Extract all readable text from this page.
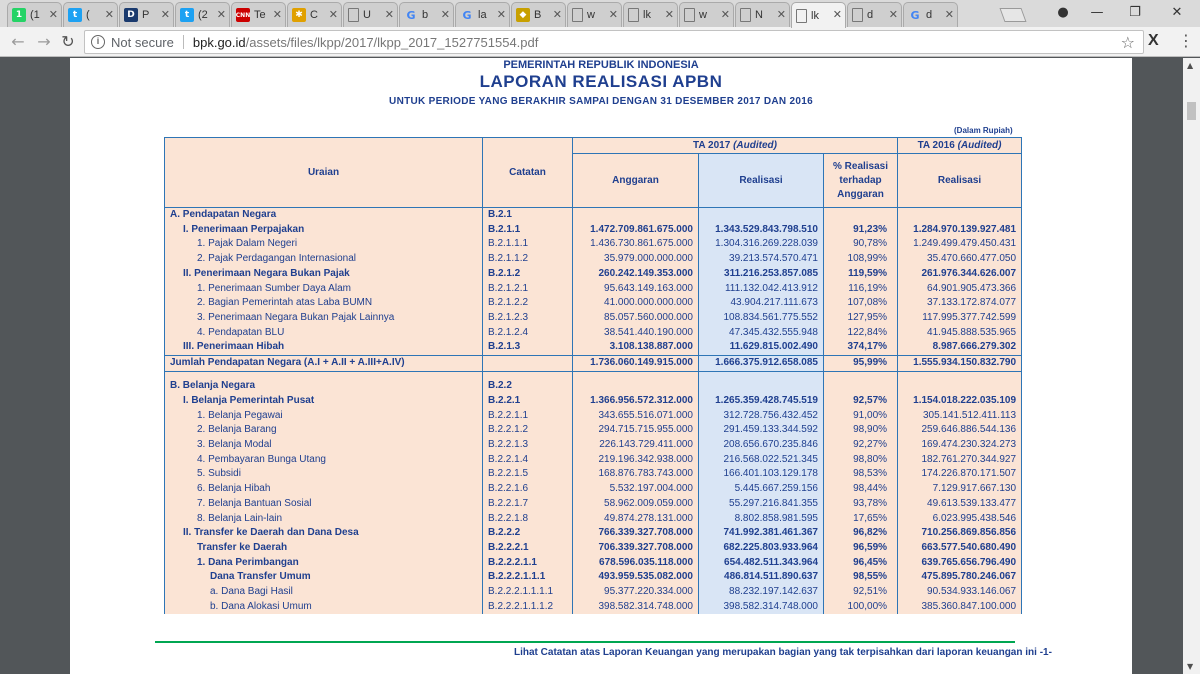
1 (1 ✕	t (	✕	D P	✕	t (2 ✕ CNN Te ✕	✱ C ✕ U	✕ G b	✕ G la ✕	◆ B	✕ w	✕ lk	✕ w	✕ N	✕ lk	✕ d	✕ G d	✕	●	—	❐	✕
← → ↻	i Not secure bpk.go.id /assets/files/lkpp/2017/lkpp_2017_1527751554.pdf	☆ X ⋮
PEMERINTAH REPUBLIK INDONESIA
LAPORAN REALISASI APBN
UNTUK PERIODE YANG BERAKHIR SAMPAI DENGAN 31 DESEMBER 2017 DAN 2016
(Dalam Rupiah)
Uraian	Catatan	TA 2017 (Audited)			TA 2016 (Audited)
		Anggaran	Realisasi	% Realisasi
terhadap
Anggaran	Realisasi
A. Pendapatan Negara	B.2.1				
I. Penerimaan Perpajakan	B.2.1.1	1.472.709.861.675.000	1.343.529.843.798.510	91,23%	1.284.970.139.927.481
1. Pajak Dalam Negeri	B.2.1.1.1	1.436.730.861.675.000	1.304.316.269.228.039	90,78%	1.249.499.479.450.431
2. Pajak Perdagangan Internasional	B.2.1.1.2	35.979.000.000.000	39.213.574.570.471	108,99%	35.470.660.477.050
II. Penerimaan Negara Bukan Pajak	B.2.1.2	260.242.149.353.000	311.216.253.857.085	119,59%	261.976.344.626.007
1. Penerimaan Sumber Daya Alam	B.2.1.2.1	95.643.149.163.000	111.132.042.413.912	116,19%	64.901.905.473.366
2. Bagian Pemerintah atas Laba BUMN	B.2.1.2.2	41.000.000.000.000	43.904.217.111.673	107,08%	37.133.172.874.077
3. Penerimaan Negara Bukan Pajak Lainnya	B.2.1.2.3	85.057.560.000.000	108.834.561.775.552	127,95%	117.995.377.742.599
4. Pendapatan BLU	B.2.1.2.4	38.541.440.190.000	47.345.432.555.948	122,84%	41.945.888.535.965
III. Penerimaan Hibah	B.2.1.3	3.108.138.887.000	11.629.815.002.490	374,17%	8.987.666.279.302
Jumlah Pendapatan Negara (A.I + A.II + A.III+A.IV)		1.736.060.149.915.000	1.666.375.912.658.085	95,99%	1.555.934.150.832.790

B. Belanja Negara	B.2.2				
I. Belanja Pemerintah Pusat	B.2.2.1	1.366.956.572.312.000	1.265.359.428.745.519	92,57%	1.154.018.222.035.109
1. Belanja Pegawai	B.2.2.1.1	343.655.516.071.000	312.728.756.432.452	91,00%	305.141.512.411.113
2. Belanja Barang	B.2.2.1.2	294.715.715.955.000	291.459.133.344.592	98,90%	259.646.886.544.136
3. Belanja Modal	B.2.2.1.3	226.143.729.411.000	208.656.670.235.846	92,27%	169.474.230.324.273
4. Pembayaran Bunga Utang	B.2.2.1.4	219.196.342.938.000	216.568.022.521.345	98,80%	182.761.270.344.927
5. Subsidi	B.2.2.1.5	168.876.783.743.000	166.401.103.129.178	98,53%	174.226.870.171.507
6. Belanja Hibah	B.2.2.1.6	5.532.197.004.000	5.445.667.259.156	98,44%	7.129.917.667.130
7. Belanja Bantuan Sosial	B.2.2.1.7	58.962.009.059.000	55.297.216.841.355	93,78%	49.613.539.133.477
8. Belanja Lain-lain	B.2.2.1.8	49.874.278.131.000	8.802.858.981.595	17,65%	6.023.995.438.546
II. Transfer ke Daerah dan Dana Desa	B.2.2.2	766.339.327.708.000	741.992.381.461.367	96,82%	710.256.869.856.856
Transfer ke Daerah	B.2.2.2.1	706.339.327.708.000	682.225.803.933.964	96,59%	663.577.540.680.490
1. Dana Perimbangan	B.2.2.2.1.1	678.596.035.118.000	654.482.511.343.964	96,45%	639.765.656.796.490
Dana Transfer Umum	B.2.2.2.1.1.1	493.959.535.082.000	486.814.511.890.637	98,55%	475.895.780.246.067
a. Dana Bagi Hasil	B.2.2.2.1.1.1.1	95.377.220.334.000	88.232.197.142.637	92,51%	90.534.933.146.067
b. Dana Alokasi Umum	B.2.2.2.1.1.1.2	398.582.314.748.000	398.582.314.748.000	100,00%	385.360.847.100.000
Lihat Catatan atas Laporan Keuangan yang merupakan bagian yang tak terpisahkan dari laporan keuangan ini -1-
▲
▼
